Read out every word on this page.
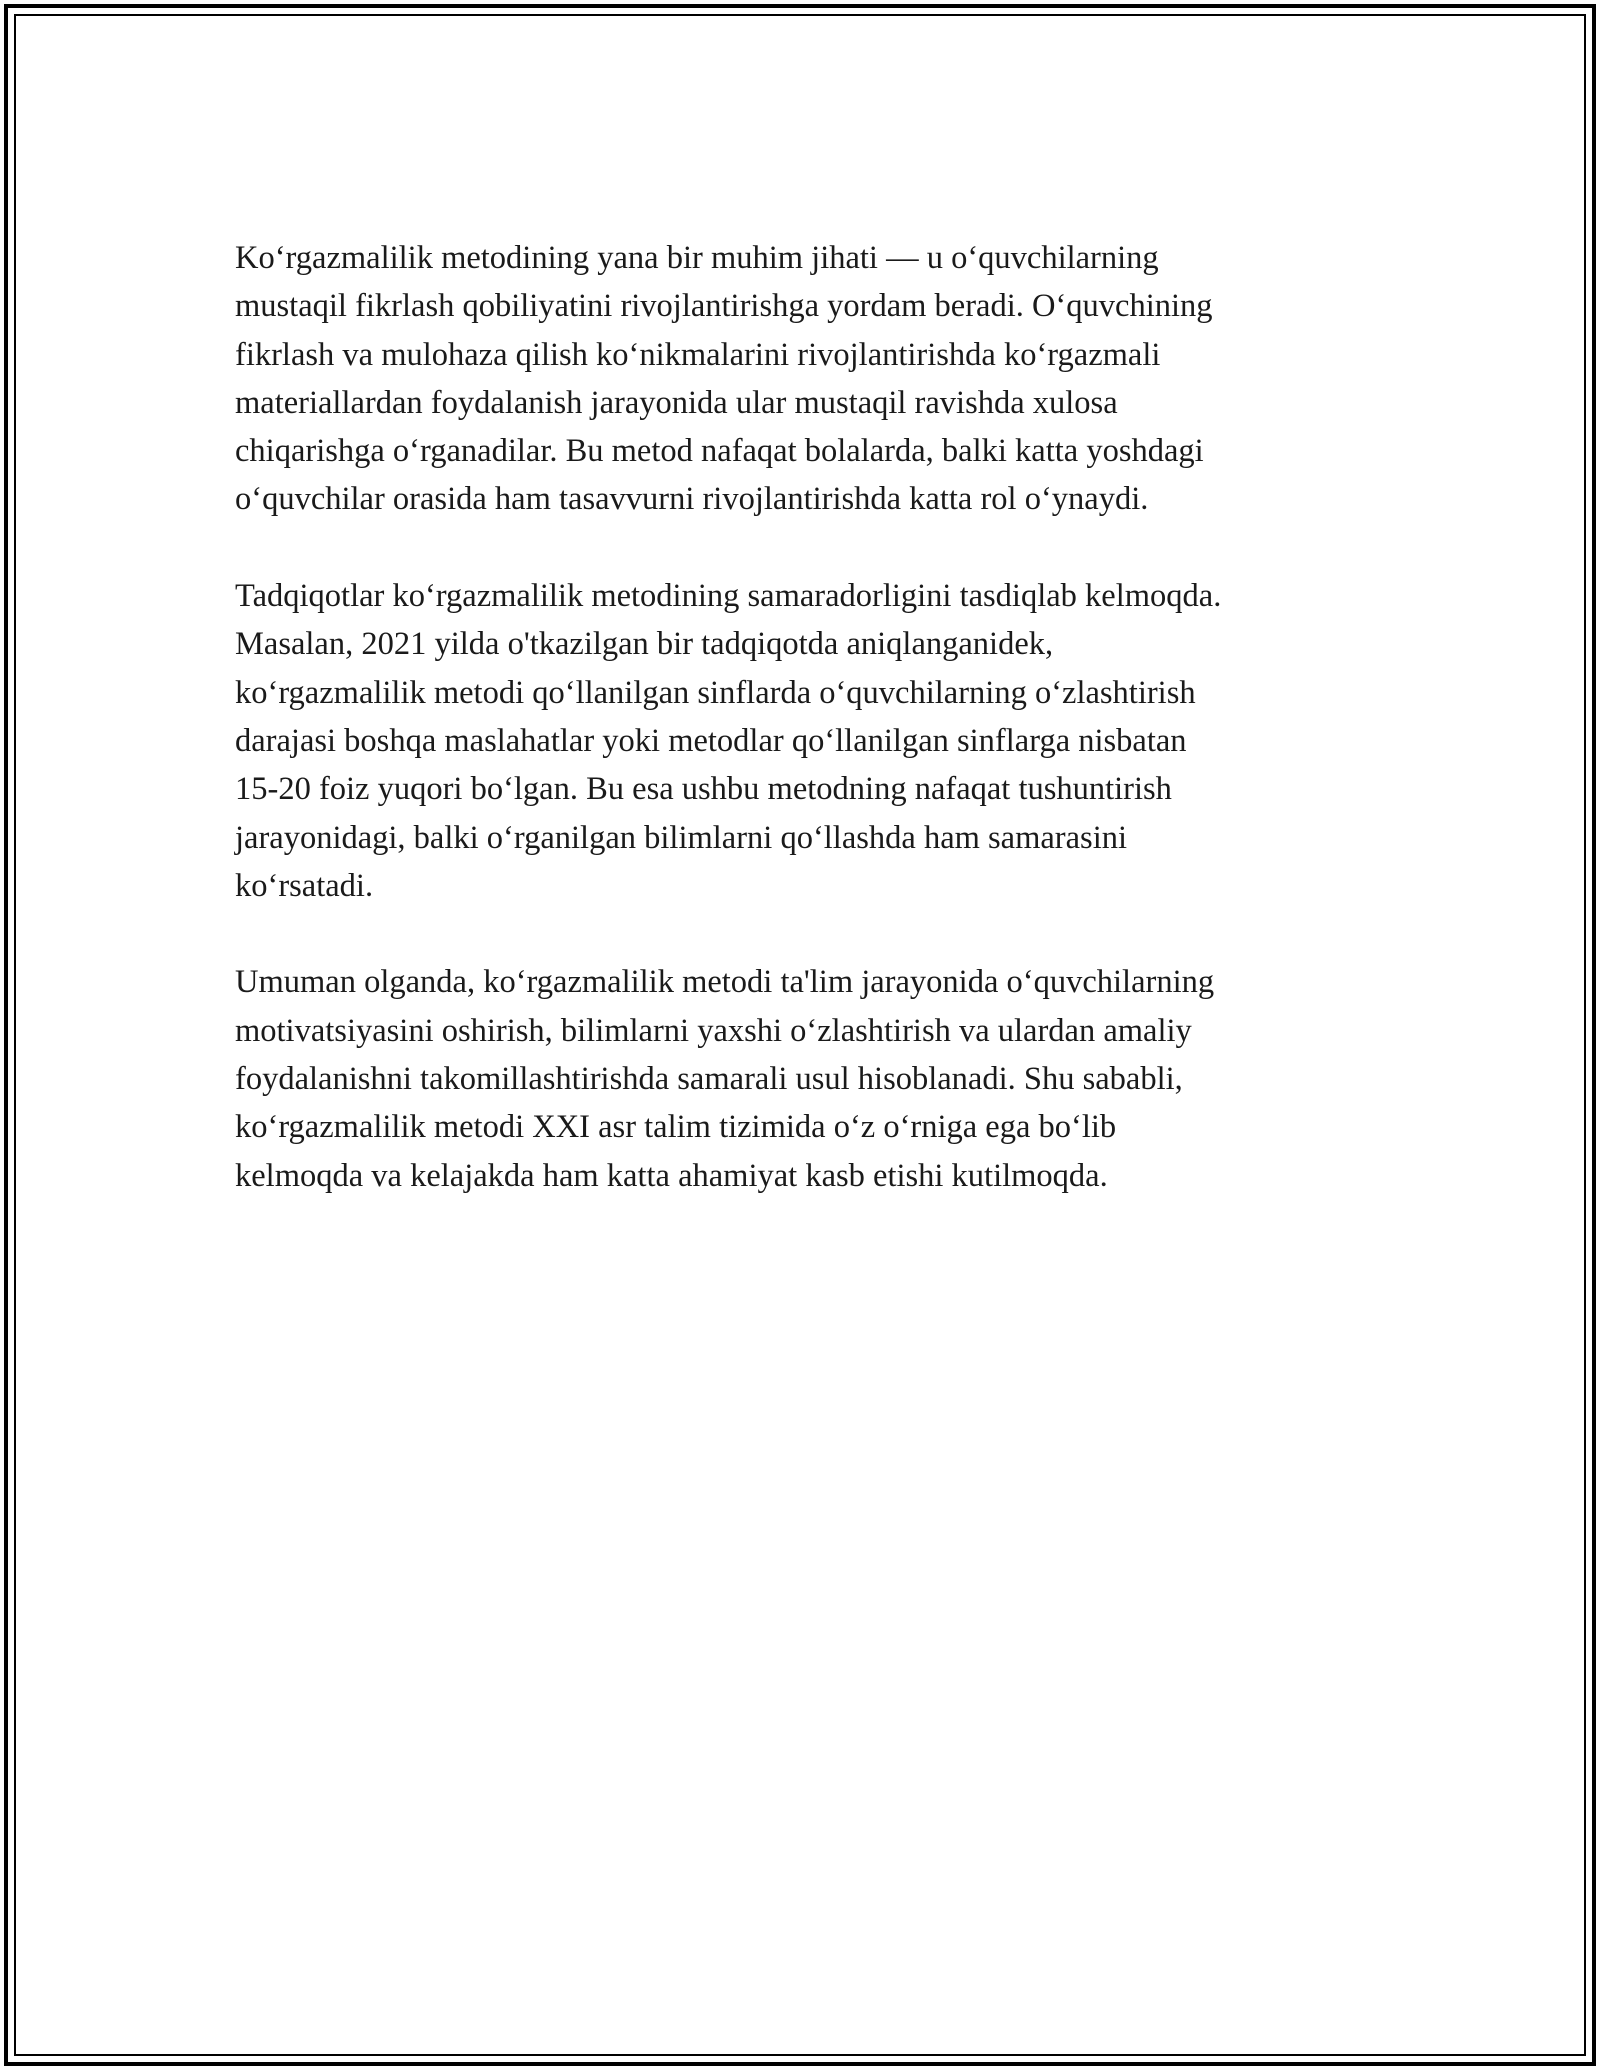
Ko‘rgazmalilik metodining yana bir muhim jihati — u o‘quvchilarning
mustaqil fikrlash qobiliyatini rivojlantirishga yordam beradi. O‘quvchining
fikrlash va mulohaza qilish ko‘nikmalarini rivojlantirishda ko‘rgazmali
materiallardan foydalanish jarayonida ular mustaqil ravishda xulosa
chiqarishga o‘rganadilar. Bu metod nafaqat bolalarda, balki katta yoshdagi
o‘quvchilar orasida ham tasavvurni rivojlantirishda katta rol o‘ynaydi.

Tadqiqotlar ko‘rgazmalilik metodining samaradorligini tasdiqlab kelmoqda.
Masalan, 2021 yilda o'tkazilgan bir tadqiqotda aniqlanganidek,
ko‘rgazmalilik metodi qo‘llanilgan sinflarda o‘quvchilarning o‘zlashtirish
darajasi boshqa maslahatlar yoki metodlar qo‘llanilgan sinflarga nisbatan
15-20 foiz yuqori bo‘lgan. Bu esa ushbu metodning nafaqat tushuntirish
jarayonidagi, balki o‘rganilgan bilimlarni qo‘llashda ham samarasini
ko‘rsatadi.

Umuman olganda, ko‘rgazmalilik metodi ta'lim jarayonida o‘quvchilarning
motivatsiyasini oshirish, bilimlarni yaxshi o‘zlashtirish va ulardan amaliy
foydalanishni takomillashtirishda samarali usul hisoblanadi. Shu sababli,
ko‘rgazmalilik metodi XXI asr talim tizimida o‘z o‘rniga ega bo‘lib
kelmoqda va kelajakda ham katta ahamiyat kasb etishi kutilmoqda.
